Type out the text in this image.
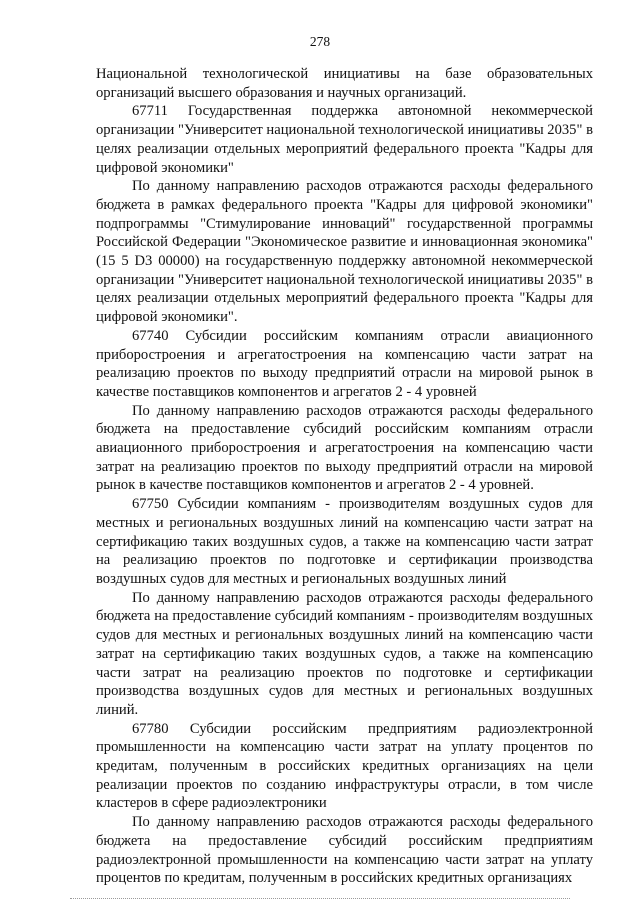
278

Национальной технологической инициативы на базе образовательных организаций высшего образования и научных организаций.

67711 Государственная поддержка автономной некоммерческой организации "Университет национальной технологической инициативы 2035" в целях реализации отдельных мероприятий федерального проекта "Кадры для цифровой экономики"

По данному направлению расходов отражаются расходы федерального бюджета в рамках федерального проекта "Кадры для цифровой экономики" подпрограммы "Стимулирование инноваций" государственной программы Российской Федерации "Экономическое развитие и инновационная экономика" (15 5 D3 00000) на государственную поддержку автономной некоммерческой организации "Университет национальной технологической инициативы 2035" в целях реализации отдельных мероприятий федерального проекта "Кадры для цифровой экономики".

67740 Субсидии российским компаниям отрасли авиационного приборостроения и агрегатостроения на компенсацию части затрат на реализацию проектов по выходу предприятий отрасли на мировой рынок в качестве поставщиков компонентов и агрегатов 2 - 4 уровней

По данному направлению расходов отражаются расходы федерального бюджета на предоставление субсидий российским компаниям отрасли авиационного приборостроения и агрегатостроения на компенсацию части затрат на реализацию проектов по выходу предприятий отрасли на мировой рынок в качестве поставщиков компонентов и агрегатов 2 - 4 уровней.

67750 Субсидии компаниям - производителям воздушных судов для местных и региональных воздушных линий на компенсацию части затрат на сертификацию таких воздушных судов, а также на компенсацию части затрат на реализацию проектов по подготовке и сертификации производства воздушных судов для местных и региональных воздушных линий

По данному направлению расходов отражаются расходы федерального бюджета на предоставление субсидий компаниям - производителям воздушных судов для местных и региональных воздушных линий на компенсацию части затрат на сертификацию таких воздушных судов, а также на компенсацию части затрат на реализацию проектов по подготовке и сертификации производства воздушных судов для местных и региональных воздушных линий.

67780 Субсидии российским предприятиям радиоэлектронной промышленности на компенсацию части затрат на уплату процентов по кредитам, полученным в российских кредитных организациях на цели реализации проектов по созданию инфраструктуры отрасли, в том числе кластеров в сфере радиоэлектроники

По данному направлению расходов отражаются расходы федерального бюджета на предоставление субсидий российским предприятиям радиоэлектронной промышленности на компенсацию части затрат на уплату процентов по кредитам, полученным в российских кредитных организациях
